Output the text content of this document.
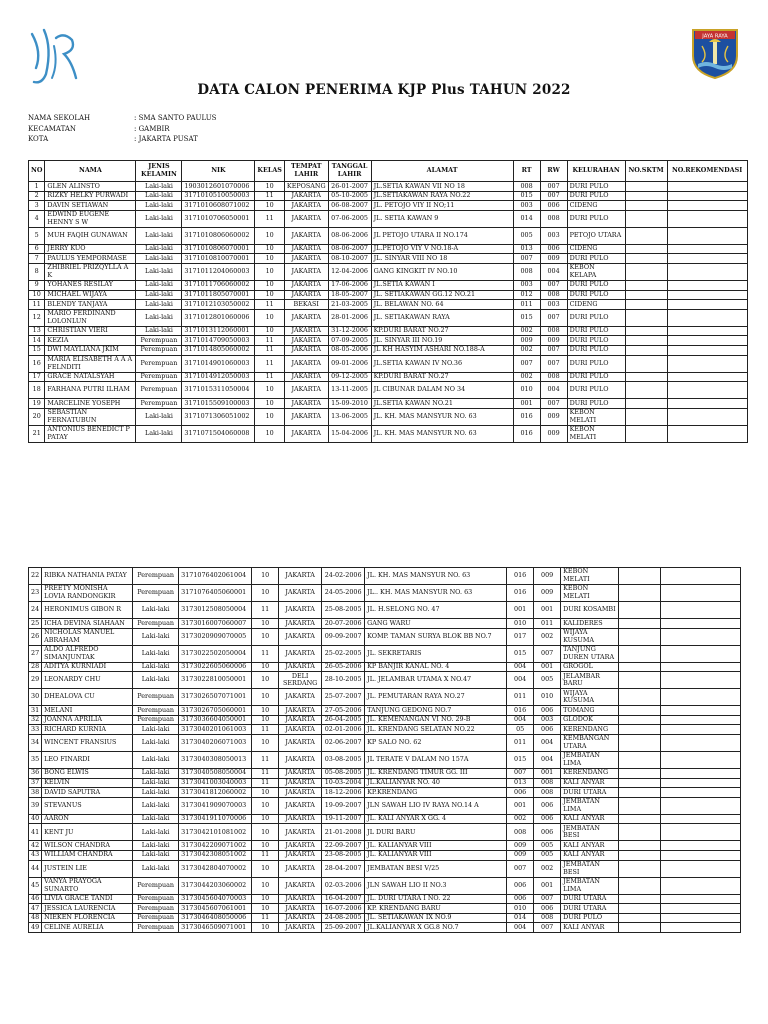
JAYA RAYA
DATA CALON PENERIMA KJP Plus TAHUN 2022
NAMA SEKOLAH	: SMA SANTO PAULUS
KECAMATAN	: GAMBIR
KOTA	: JAKARTA PUSAT
NO	NAMA	JENIS KELAMIN	NIK	KELAS	TEMPAT LAHIR	TANGGAL LAHIR	ALAMAT	RT	RW	KELURAHAN	NO.SKTM	NO.REKOMENDASI
1	GLEN ALINSTO	Laki-laki	1903012601070006	10	KEPOSANG	26-01-2007	JL.SETIA KAWAN VII NO 18	008	007	DURI PULO		
2	RIZKY HELKY PURWADI	Laki-laki	3171010510050003	11	JAKARTA	05-10-2005	JL.SETIAKAWAN RAYA NO.22	015	007	DURI PULO		
3	DAVIN SETIAWAN	Laki-laki	3171010608071002	10	JAKARTA	06-08-2007	JL. PETOJO VIY II NO;11	003	006	CIDENG		
4	EDWIND EUGENE HENNY S W	Laki-laki	3171010706050001	11	JAKARTA	07-06-2005	JL. SETIA KAWAN 9	014	008	DURI PULO		
5	MUH FAQIH GUNAWAN	Laki-laki	3171010806060002	10	JAKARTA	08-06-2006	JL PETOJO UTARA II NO.174	005	003	PETOJO UTARA		
6	JERRY KUO	Laki-laki	3171010806070001	10	JAKARTA	08-06-2007	JL.PETOJO VIY V NO.18-A	013	006	CIDENG		
7	PAULUS YEMPORMASE	Laki-laki	3171010810070001	10	JAKARTA	08-10-2007	JL. SINYAR VIII NO 18	007	009	DURI PULO		
8	ZHIBRIEL PRIZQYLLA A K	Laki-laki	3171011204060003	10	JAKARTA	12-04-2006	GANG KINGKIT IV NO.10	008	004	KEBON KELAPA		
9	YOHANES RESILAY	Laki-laki	3171011706060002	10	JAKARTA	17-06-2006	JL.SETIA KAWAN I	003	007	DURI PULO		
10	MICHAEL WIJAYA	Laki-laki	3171011805070001	10	JAKARTA	18-05-2007	JL. SETIAKAWAN GG.12 NO.21	012	008	DURI PULO		
11	BLENDY TANJAYA	Laki-laki	3171012103050002	11	BEKASI	21-03-2005	JL. BELAWAN NO. 64	011	003	CIDENG		
12	MARIO FERDINAND LOLONLUN	Laki-laki	3171012801060006	10	JAKARTA	28-01-2006	JL. SETIAKAWAN RAYA	015	007	DURI PULO		
13	CHRISTIAN VIERI	Laki-laki	3171013112060001	10	JAKARTA	31-12-2006	KP.DURI BARAT NO.27	002	008	DURI PULO		
14	KEZIA	Perempuan	3171014709050003	11	JAKARTA	07-09-2005	JL. SINYAR III NO.19	009	009	DURI PULO		
15	DWI MAYLIANA JKIM	Perempuan	3171014805060002	11	JAKARTA	08-05-2006	JL KH HASYIM ASHARI NO.188-A	002	007	DURI PULO		
16	MARIA ELISABETH A A A FELNDITI	Perempuan	3171014901060003	11	JAKARTA	09-01-2006	JL.SETIA KAWAN IV NO.36	007	007	DURI PULO		
17	GRACE NATALSYAH	Perempuan	3171014912050003	11	JAKARTA	09-12-2005	KP.DURI BARAT NO.27	002	008	DURI PULO		
18	FARHANA PUTRI ILHAM	Perempuan	3171015311050004	10	JAKARTA	13-11-2005	JL CIBUNAR DALAM NO 34	010	004	DURI PULO		
19	MARCELINE YOSEPH	Perempuan	3171015509100003	10	JAKARTA	15-09-2010	JL.SETIA KAWAN NO.21	001	007	DURI PULO		
20	SEBASTIAN FERNATUBUN	Laki-laki	3171071306051002	10	JAKARTA	13-06-2005	JL. KH. MAS MANSYUR NO. 63	016	009	KEBON MELATI		
21	ANTONIUS BENEDICT P PATAY	Laki-laki	3171071504060008	10	JAKARTA	15-04-2006	JL. KH. MAS MANSYUR NO. 63	016	009	KEBON MELATI		
22	RIBKA NATHANIA PATAY	Perempuan	3171076402061004	10	JAKARTA	24-02-2006	JL. KH. MAS MANSYUR NO. 63	016	009	KEBON MELATI		
23	PREETY MONISHA LOVIA RANDONGKIR	Perempuan	3171076405060001	10	JAKARTA	24-05-2006	JL.. KH. MAS MANSYUR NO. 63	016	009	KEBON MELATI		
24	HERONIMUS GIBON R	Laki-laki	3173012508050004	11	JAKARTA	25-08-2005	JL. H.SELONG NO. 47	001	001	DURI KOSAMBI		
25	ICHA DEVINA SIAHAAN	Perempuan	3173016007060007	10	JAKARTA	20-07-2006	GANG WARU	010	011	KALIDERES		
26	NICHOLAS MANUEL ABRAHAM	Laki-laki	3173020909070005	10	JAKARTA	09-09-2007	KOMP. TAMAN SURYA BLOK BB NO.7	017	002	WIJAYA KUSUMA		
27	ALDO ALFREDO SIMANJUNTAK	Laki-laki	3173022502050004	11	JAKARTA	25-02-2005	JL. SEKRETARIS	015	007	TANJUNG DUREN UTARA		
28	ADITYA KURNIADI	Laki-laki	3173022605060006	10	JAKARTA	26-05-2006	KP BANJIR KANAL NO. 4	004	001	GROGOL		
29	LEONARDY CHU	Laki-laki	3173022810050001	10	DELI SERDANG	28-10-2005	JL. JELAMBAR UTAMA X NO.47	004	005	JELAMBAR BARU		
30	DHEALOVA CU	Perempuan	3173026507071001	10	JAKARTA	25-07-2007	JL. PEMUTARAN RAYA NO.27	011	010	WIJAYA KUSUMA		
31	MELANI	Perempuan	3173026705060001	10	JAKARTA	27-05-2006	TANJUNG GEDONG NO.7	016	006	TOMANG		
32	JOANNA APRILIA	Perempuan	3173036604050001	10	JAKARTA	26-04-2005	JL. KEMENANGAN VI NO. 29-B	004	003	GLODOK		
33	RICHARD KURNIA	Laki-laki	3173040201061003	11	JAKARTA	02-01-2006	JL. KRENDANG SELATAN NO.22	05	006	KERENDANG		
34	WINCENT FRANSIUS	Laki-laki	3173040206071003	10	JAKARTA	02-06-2007	KP SALO NO. 62	011	004	KEMBANGAN UTARA		
35	LEO FINARDI	Laki-laki	3173040308050013	11	JAKARTA	03-08-2005	JL TERATE V DALAM NO 157A	015	004	JEMBATAN LIMA		
36	BONG ELWIS	Laki-laki	3173040508050004	11	JAKARTA	05-08-2005	JL. KRENDANG TIMUR GG. III	007	001	KERENDANG		
37	KELVIN	Laki-laki	3173041003040003	11	JAKARTA	10-03-2004	JL.KALIANYAR NO. 40	013	008	KALI ANYAR		
38	DAVID SAPUTRA	Laki-laki	3173041812060002	10	JAKARTA	18-12-2006	KP.KRENDANG	006	008	DURI UTARA		
39	STEVANUS	Laki-laki	3173041909070003	10	JAKARTA	19-09-2007	JLN SAWAH LIO IV RAYA NO.14 A	001	006	JEMBATAN LIMA		
40	AARON	Laki-laki	3173041911070006	10	JAKARTA	19-11-2007	JL. KALI ANYAR X GG. 4	002	006	KALI ANYAR		
41	KENT JU	Laki-laki	3173042101081002	10	JAKARTA	21-01-2008	JL DURI BARU	008	006	JEMBATAN BESI		
42	WILSON CHANDRA	Laki-laki	3173042209071002	10	JAKARTA	22-09-2007	JL. KALIANYAR VIII	009	005	KALI ANYAR		
43	WILLIAM CHANDRA	Laki-laki	3173042308051002	11	JAKARTA	23-08-2005	JL. KALIANYAR VIII	009	005	KALI ANYAR		
44	JUSTEIN LIE	Laki-laki	3173042804070002	10	JAKARTA	28-04-2007	JEMBATAN BESI V/25	007	002	JEMBATAN BESI		
45	VANYA PRAYOGA SUNARTO	Perempuan	3173044203060002	10	JAKARTA	02-03-2006	JLN SAWAH LIO II NO.3	006	001	JEMBATAN LIMA		
46	LIVIA GRACE TANDI	Perempuan	3173045604070003	10	JAKARTA	16-04-2007	JL. DURI UTARA I NO. 22	006	007	DURI UTARA		
47	JESSICA LAURENCIA	Perempuan	3173045607061001	10	JAKARTA	16-07-2006	KP. KRENDANG BARU	010	006	DURI UTARA		
48	NIEKEN FLORENCIA	Perempuan	3173046408050006	11	JAKARTA	24-08-2005	JL. SETIAKAWAN IX NO.9	014	008	DURI PULO		
49	CELINE AURELIA	Perempuan	3173046509071001	10	JAKARTA	25-09-2007	JL.KALIANYAR X GG.8 NO.7	004	007	KALI ANYAR		
